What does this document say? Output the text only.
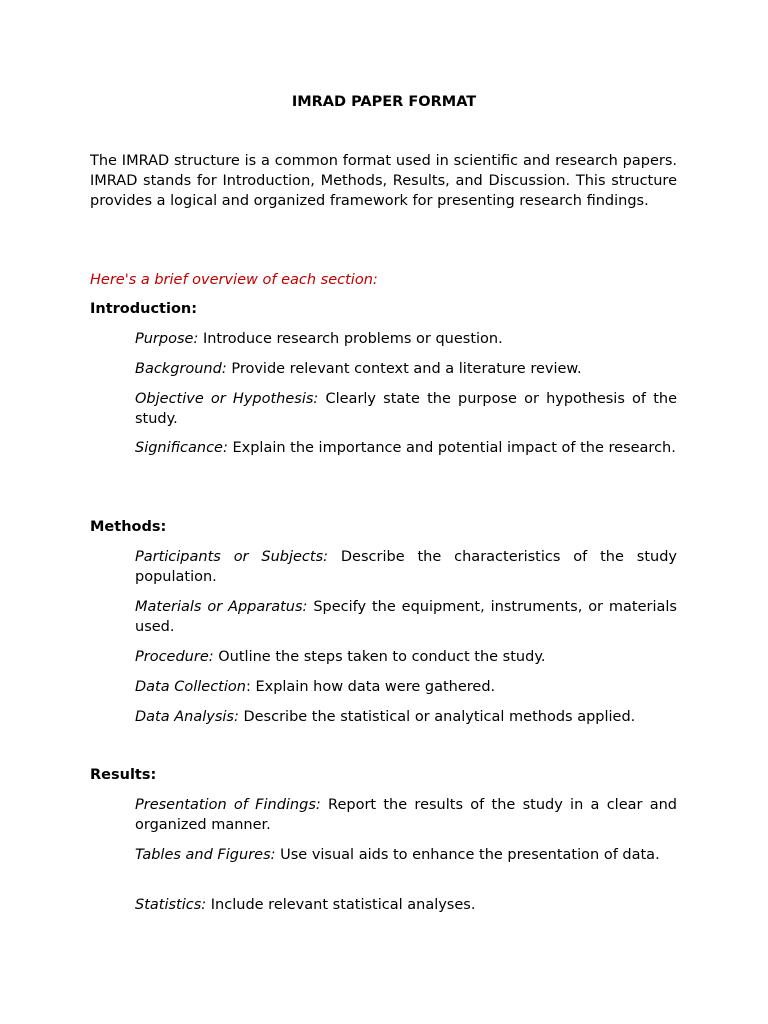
IMRAD PAPER FORMAT

The IMRAD structure is a common format used in scientific and research papers. IMRAD stands for Introduction, Methods, Results, and Discussion. This structure provides a logical and organized framework for presenting research findings.

Here's a brief overview of each section:

Introduction:

Purpose: Introduce research problems or question.

Background: Provide relevant context and a literature review.

Objective or Hypothesis: Clearly state the purpose or hypothesis of the study.

Significance: Explain the importance and potential impact of the research.

Methods:

Participants or Subjects: Describe the characteristics of the study population.

Materials or Apparatus: Specify the equipment, instruments, or materials used.

Procedure: Outline the steps taken to conduct the study.

Data Collection: Explain how data were gathered.

Data Analysis: Describe the statistical or analytical methods applied.

Results:

Presentation of Findings: Report the results of the study in a clear and organized manner.

Tables and Figures: Use visual aids to enhance the presentation of data.

Statistics: Include relevant statistical analyses.
